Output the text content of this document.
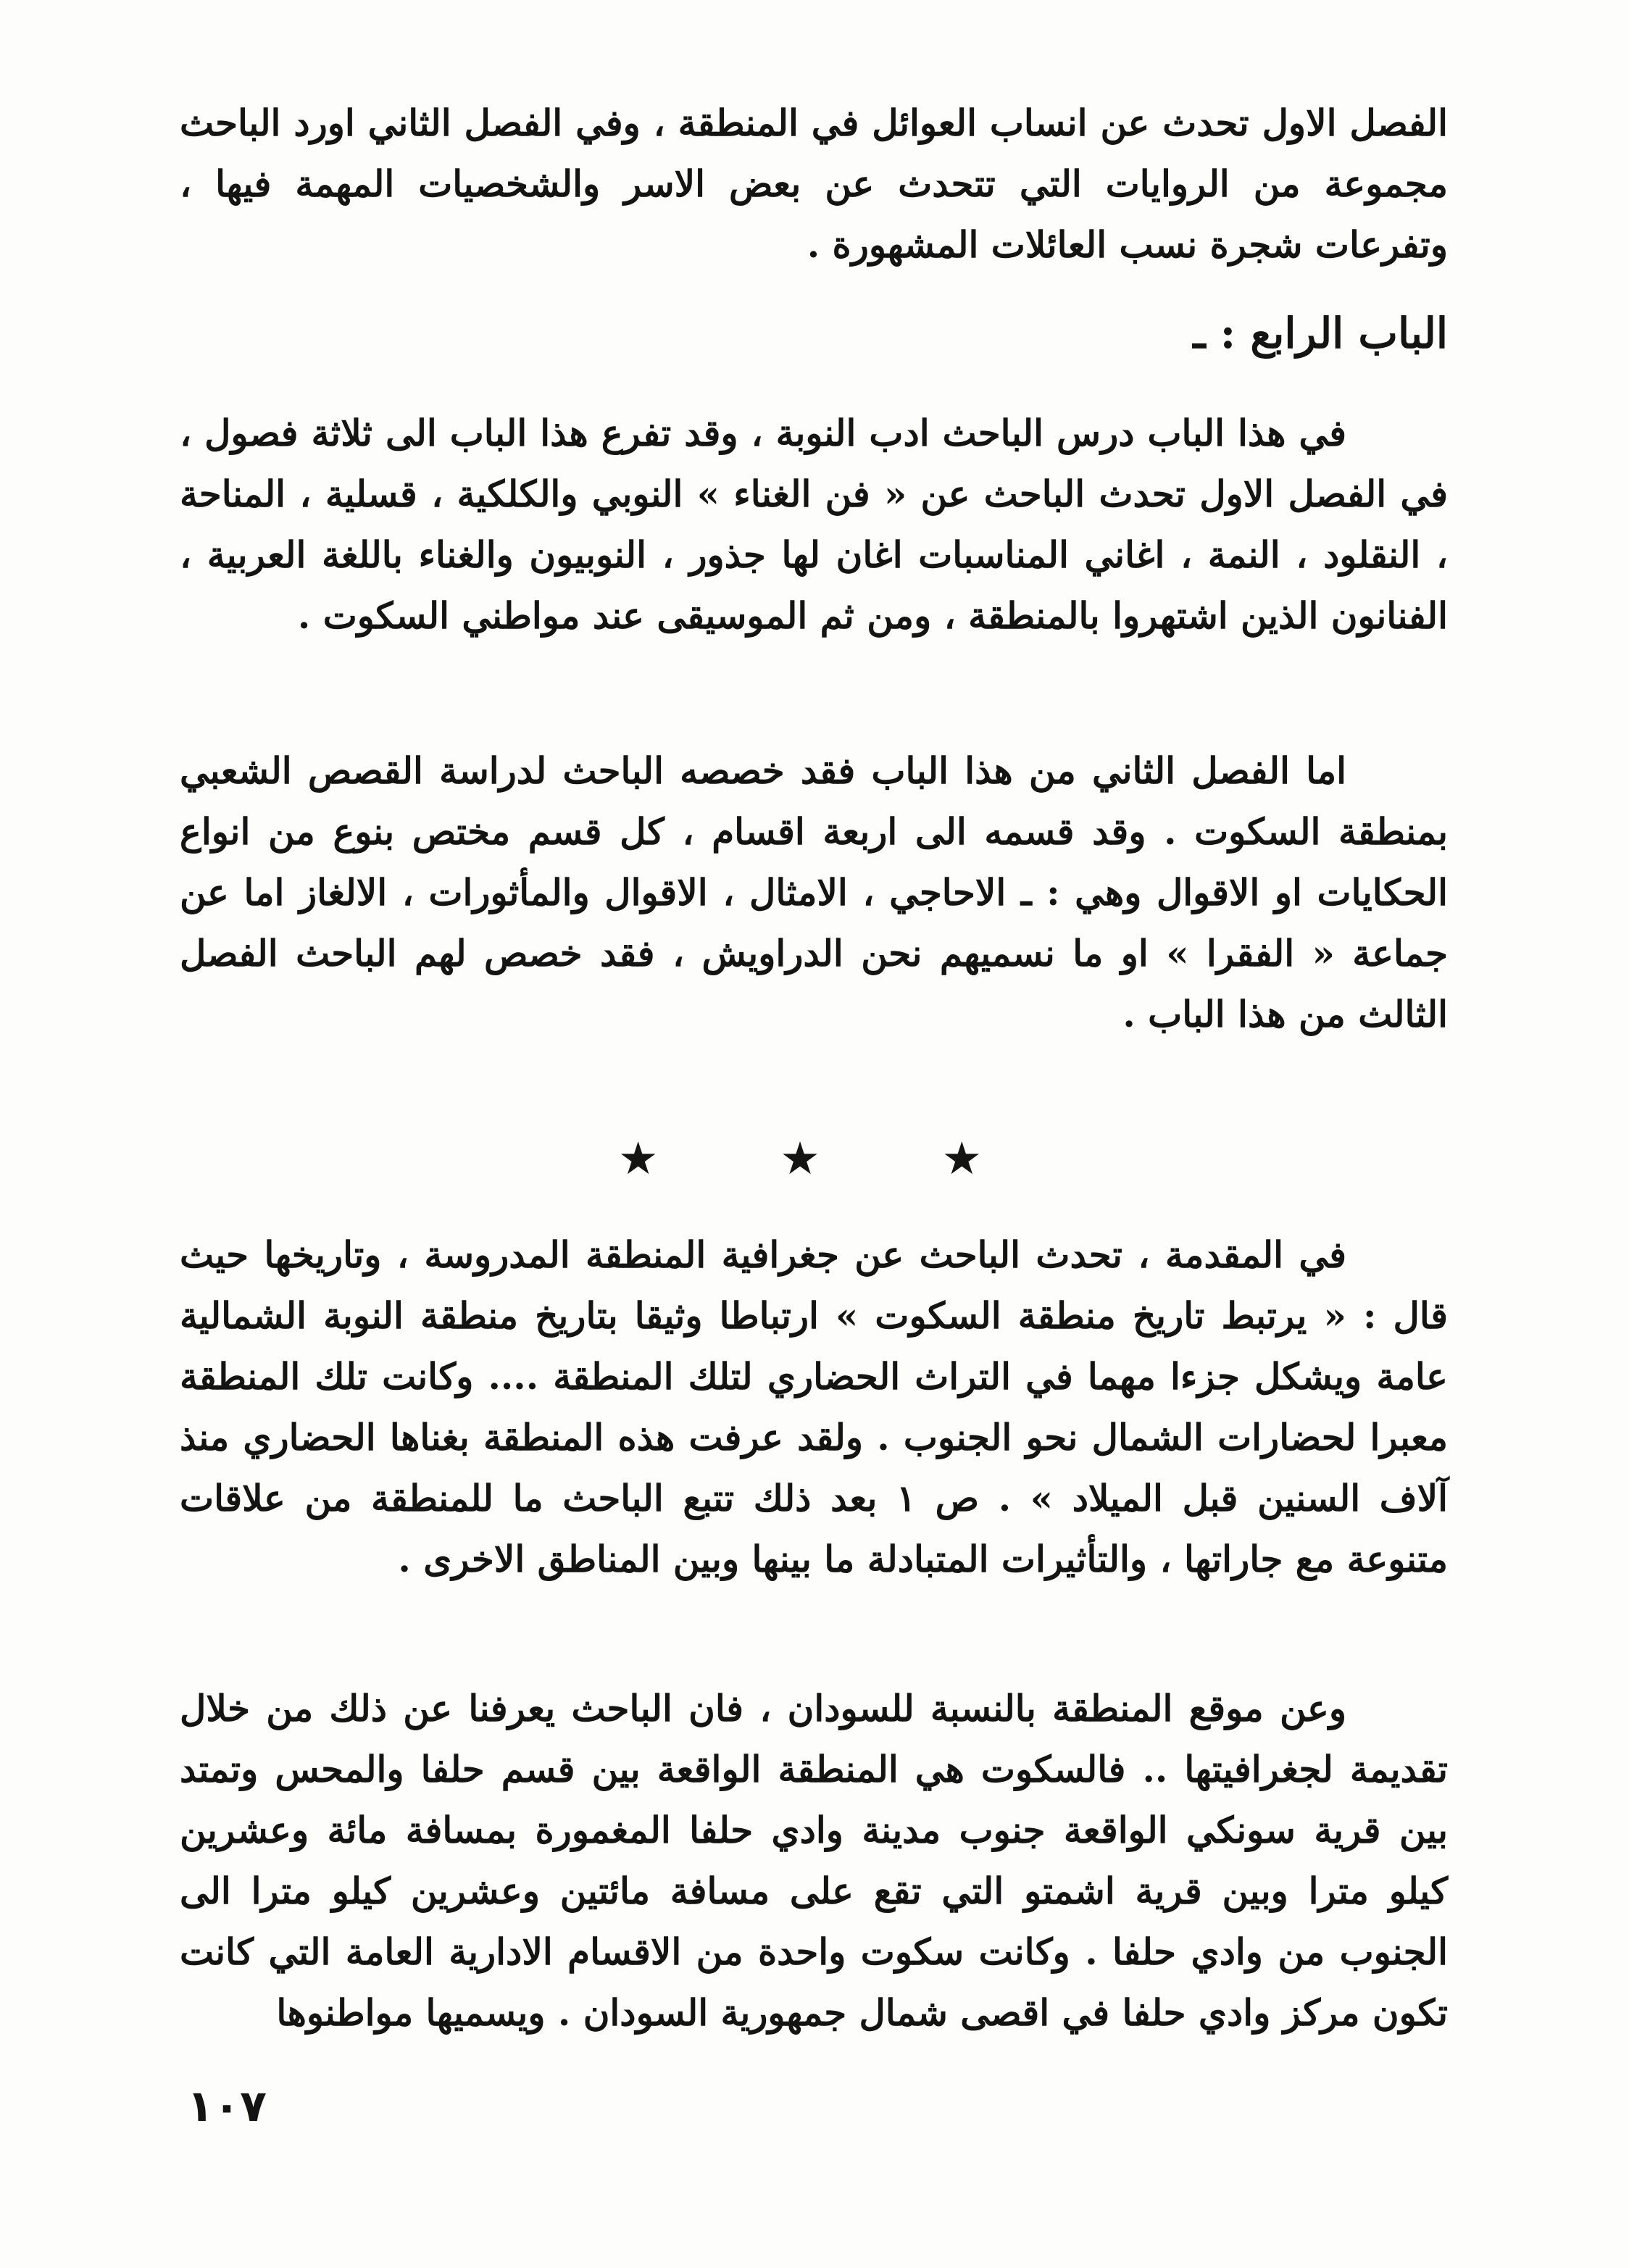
الفصل الاول تحدث عن انساب العوائل في المنطقة ، وفي الفصل الثاني اورد الباحث مجموعة من الروايات التي تتحدث عن بعض الاسر والشخصيات المهمة فيها ، وتفرعات شجرة نسب العائلات المشهورة .

الباب الرابع : ـ

في هذا الباب درس الباحث ادب النوبة ، وقد تفرع هذا الباب الى ثلاثة فصول ، في الفصل الاول تحدث الباحث عن « فن الغناء » النوبي والكلكية ، قسلية ، المناحة ، النقلود ، النمة ، اغاني المناسبات اغان لها جذور ، النوبيون والغناء باللغة العربية ، الفنانون الذين اشتهروا بالمنطقة ، ومن ثم الموسيقى عند مواطني السكوت .

اما الفصل الثاني من هذا الباب فقد خصصه الباحث لدراسة القصص الشعبي بمنطقة السكوت . وقد قسمه الى اربعة اقسام ، كل قسم مختص بنوع من انواع الحكايات او الاقوال وهي : ـ الاحاجي ، الامثال ، الاقوال والمأثورات ، الالغاز اما عن جماعة « الفقرا » او ما نسميهم نحن الدراويش ، فقد خصص لهم الباحث الفصل الثالث من هذا الباب .

★ ★ ★

في المقدمة ، تحدث الباحث عن جغرافية المنطقة المدروسة ، وتاريخها حيث قال : « يرتبط تاريخ منطقة السكوت » ارتباطا وثيقا بتاريخ منطقة النوبة الشمالية عامة ويشكل جزءا مهما في التراث الحضاري لتلك المنطقة .... وكانت تلك المنطقة معبرا لحضارات الشمال نحو الجنوب . ولقد عرفت هذه المنطقة بغناها الحضاري منذ آلاف السنين قبل الميلاد » . ص ١ بعد ذلك تتبع الباحث ما للمنطقة من علاقات متنوعة مع جاراتها ، والتأثيرات المتبادلة ما بينها وبين المناطق الاخرى .

وعن موقع المنطقة بالنسبة للسودان ، فان الباحث يعرفنا عن ذلك من خلال تقديمة لجغرافيتها .. فالسكوت هي المنطقة الواقعة بين قسم حلفا والمحس وتمتد بين قرية سونكي الواقعة جنوب مدينة وادي حلفا المغمورة بمسافة مائة وعشرين كيلو مترا وبين قرية اشمتو التي تقع على مسافة مائتين وعشرين كيلو مترا الى الجنوب من وادي حلفا . وكانت سكوت واحدة من الاقسام الادارية العامة التي كانت تكون مركز وادي حلفا في اقصى شمال جمهورية السودان . ويسميها مواطنوها

١٠٧
